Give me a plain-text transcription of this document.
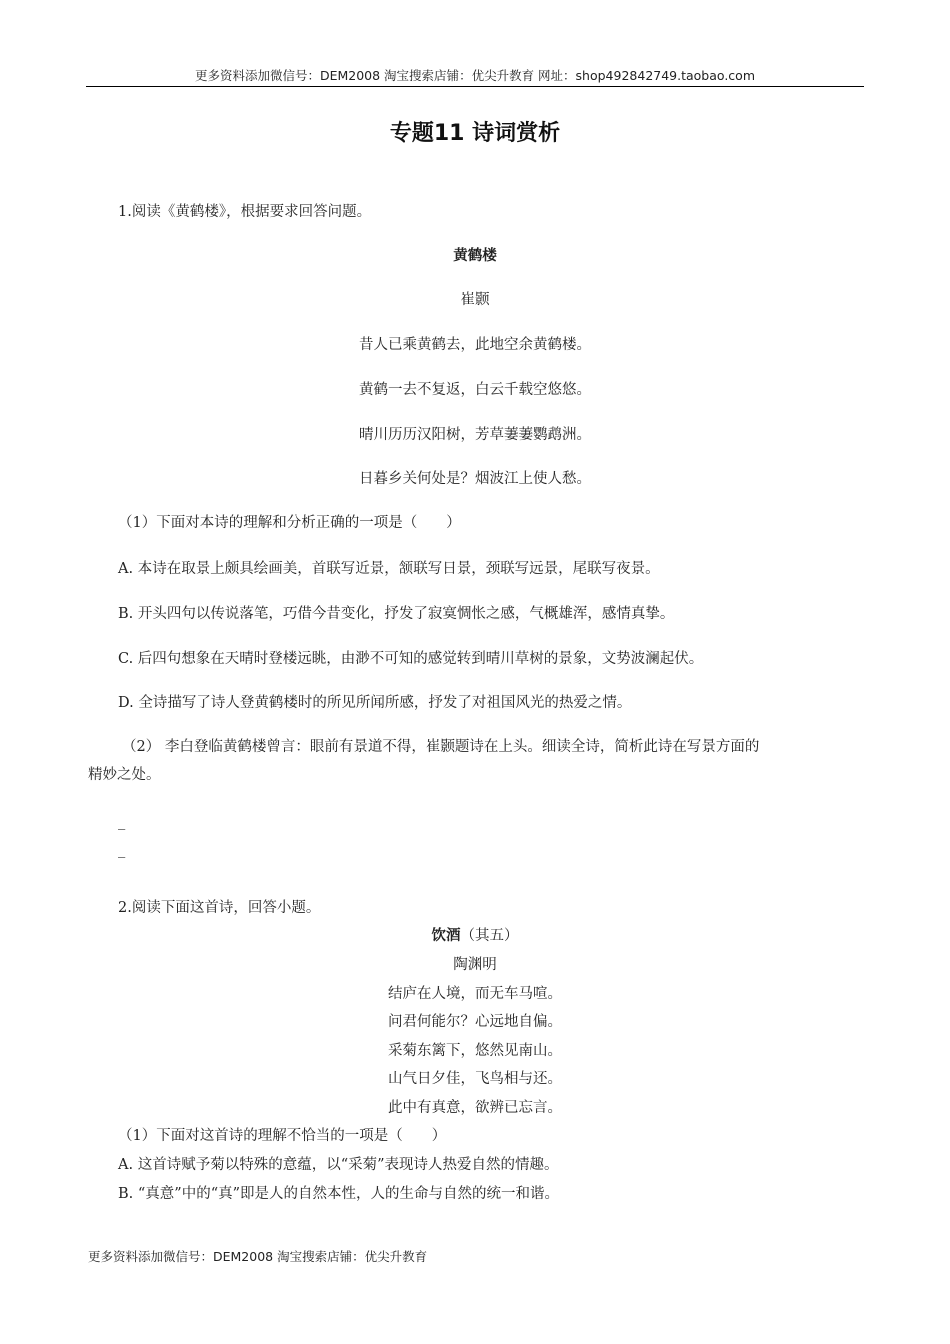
更多资料添加微信号：DEM2008 淘宝搜索店铺：优尖升教育 网址：shop492842749.taobao.com
专题11 诗词赏析
1.阅读《黄鹤楼》，根据要求回答问题。
黄鹤楼
崔颢
昔人已乘黄鹤去，此地空余黄鹤楼。
黄鹤一去不复返，白云千载空悠悠。
晴川历历汉阳树，芳草萋萋鹦鹉洲。
日暮乡关何处是？烟波江上使人愁。
（1）下面对本诗的理解和分析正确的一项是（　　）
A. 本诗在取景上颇具绘画美，首联写近景，颔联写日景，颈联写远景，尾联写夜景。
B. 开头四句以传说落笔，巧借今昔变化，抒发了寂寞惆怅之感，气概雄浑，感情真挚。
C. 后四句想象在天晴时登楼远眺，由渺不可知的感觉转到晴川草树的景象，文势波澜起伏。
D. 全诗描写了诗人登黄鹤楼时的所见所闻所感，抒发了对祖国风光的热爱之情。
（2） 李白登临黄鹤楼曾言：眼前有景道不得，崔颢题诗在上头。细读全诗，简析此诗在写景方面的
精妙之处。
_
_
2.阅读下面这首诗，回答小题。
饮酒（其五）
陶渊明
结庐在人境，而无车马喧。
问君何能尔？心远地自偏。
采菊东篱下，悠然见南山。
山气日夕佳，飞鸟相与还。
此中有真意，欲辨已忘言。
（1）下面对这首诗的理解不恰当的一项是（　　）
A. 这首诗赋予菊以特殊的意蕴，以“采菊”表现诗人热爱自然的情趣。
B. “真意”中的“真”即是人的自然本性，人的生命与自然的统一和谐。
更多资料添加微信号：DEM2008 淘宝搜索店铺：优尖升教育
